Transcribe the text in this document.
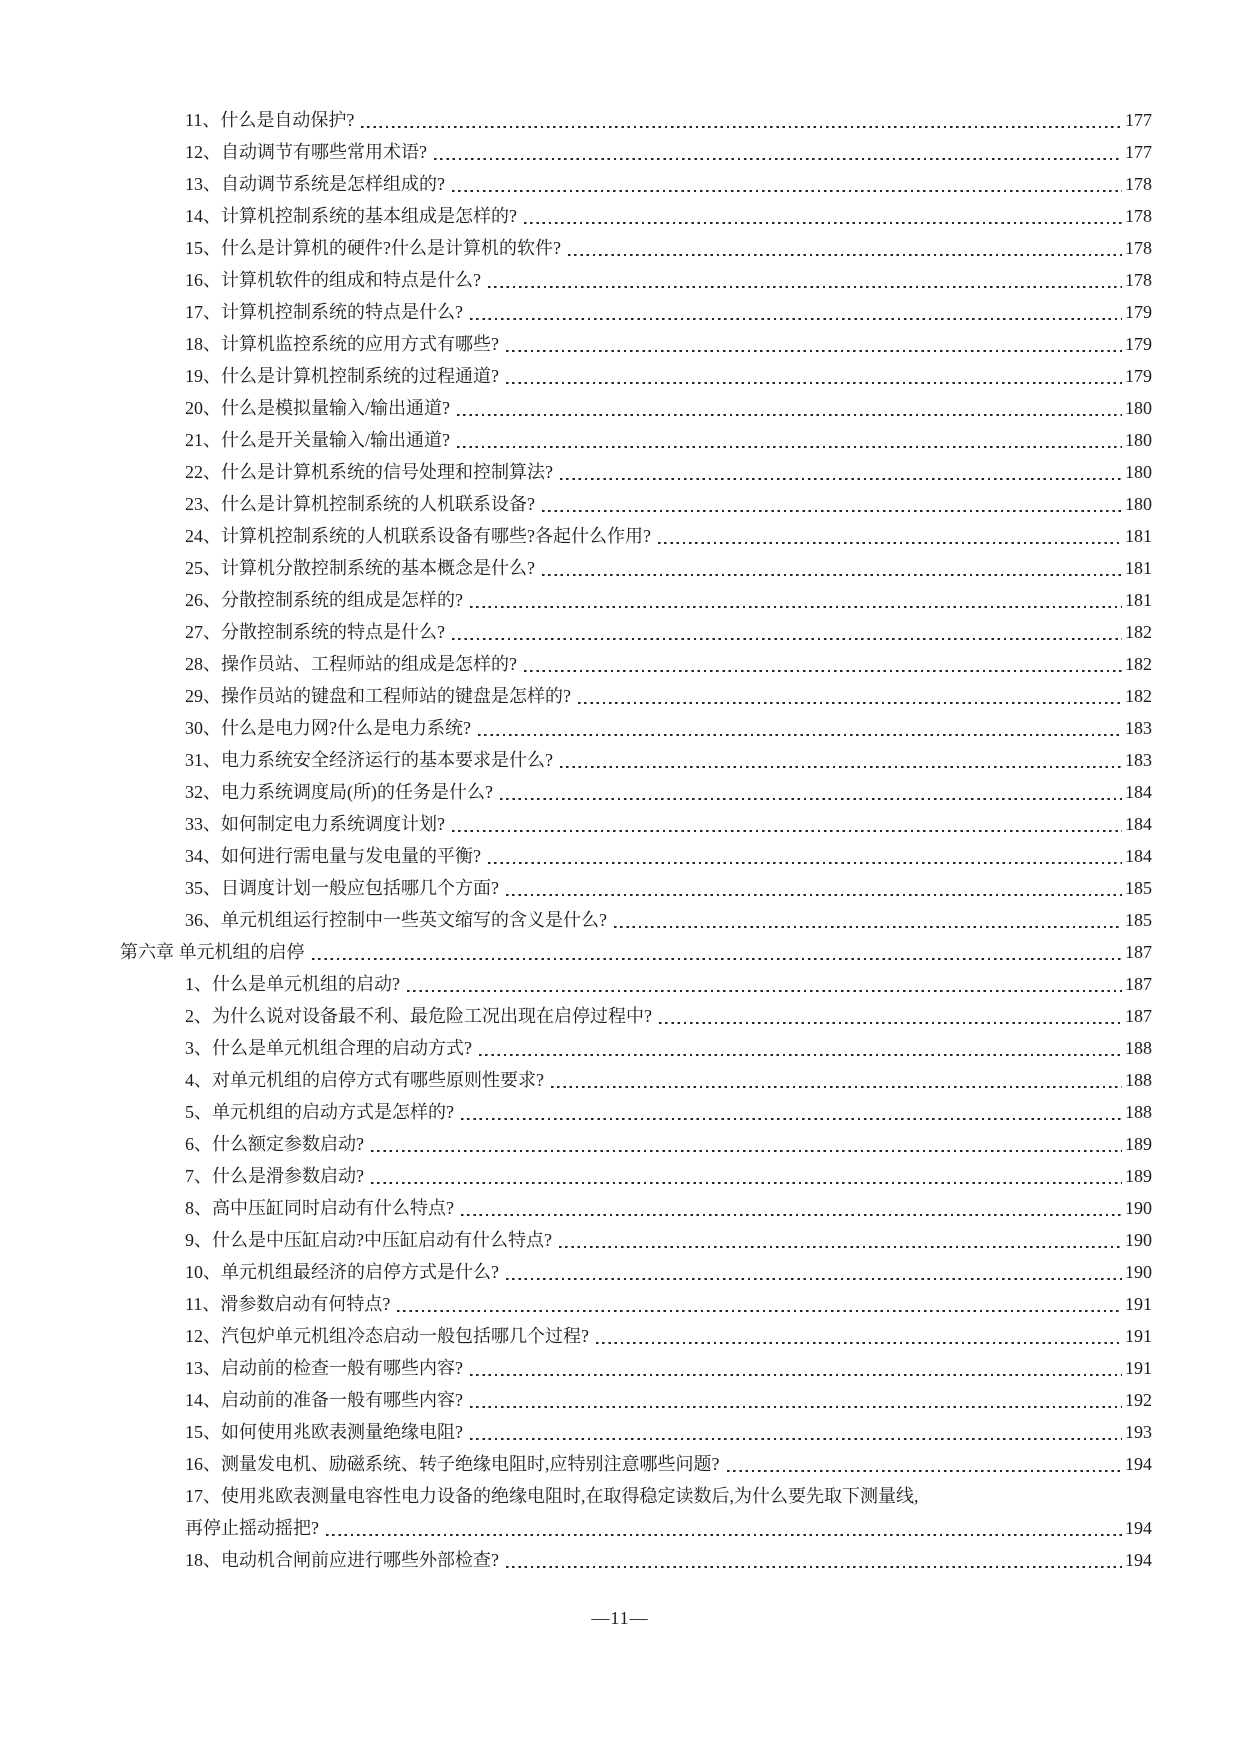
11、什么是自动保护?	177
12、自动调节有哪些常用术语?	177
13、自动调节系统是怎样组成的?	178
14、计算机控制系统的基本组成是怎样的?	178
15、什么是计算机的硬件?什么是计算机的软件?	178
16、计算机软件的组成和特点是什么?	178
17、计算机控制系统的特点是什么?	179
18、计算机监控系统的应用方式有哪些?	179
19、什么是计算机控制系统的过程通道?	179
20、什么是模拟量输入/输出通道?	180
21、什么是开关量输入/输出通道?	180
22、什么是计算机系统的信号处理和控制算法?	180
23、什么是计算机控制系统的人机联系设备?	180
24、计算机控制系统的人机联系设备有哪些?各起什么作用?	181
25、计算机分散控制系统的基本概念是什么?	181
26、分散控制系统的组成是怎样的?	181
27、分散控制系统的特点是什么?	182
28、操作员站、工程师站的组成是怎样的?	182
29、操作员站的键盘和工程师站的键盘是怎样的?	182
30、什么是电力网?什么是电力系统?	183
31、电力系统安全经济运行的基本要求是什么?	183
32、电力系统调度局(所)的任务是什么?	184
33、如何制定电力系统调度计划?	184
34、如何进行需电量与发电量的平衡?	184
35、日调度计划一般应包括哪几个方面?	185
36、单元机组运行控制中一些英文缩写的含义是什么?	185
第六章 单元机组的启停	187
1、什么是单元机组的启动?	187
2、为什么说对设备最不利、最危险工况出现在启停过程中?	187
3、什么是单元机组合理的启动方式?	188
4、对单元机组的启停方式有哪些原则性要求?	188
5、单元机组的启动方式是怎样的?	188
6、什么额定参数启动?	189
7、什么是滑参数启动?	189
8、高中压缸同时启动有什么特点?	190
9、什么是中压缸启动?中压缸启动有什么特点?	190
10、单元机组最经济的启停方式是什么?	190
11、滑参数启动有何特点?	191
12、汽包炉单元机组冷态启动一般包括哪几个过程?	191
13、启动前的检查一般有哪些内容?	191
14、启动前的准备一般有哪些内容?	192
15、如何使用兆欧表测量绝缘电阻?	193
16、测量发电机、励磁系统、转子绝缘电阻时,应特别注意哪些问题?	194
17、使用兆欧表测量电容性电力设备的绝缘电阻时,在取得稳定读数后,为什么要先取下测量线,
再停止摇动摇把?	194
18、电动机合闸前应进行哪些外部检查?	194
—11—
